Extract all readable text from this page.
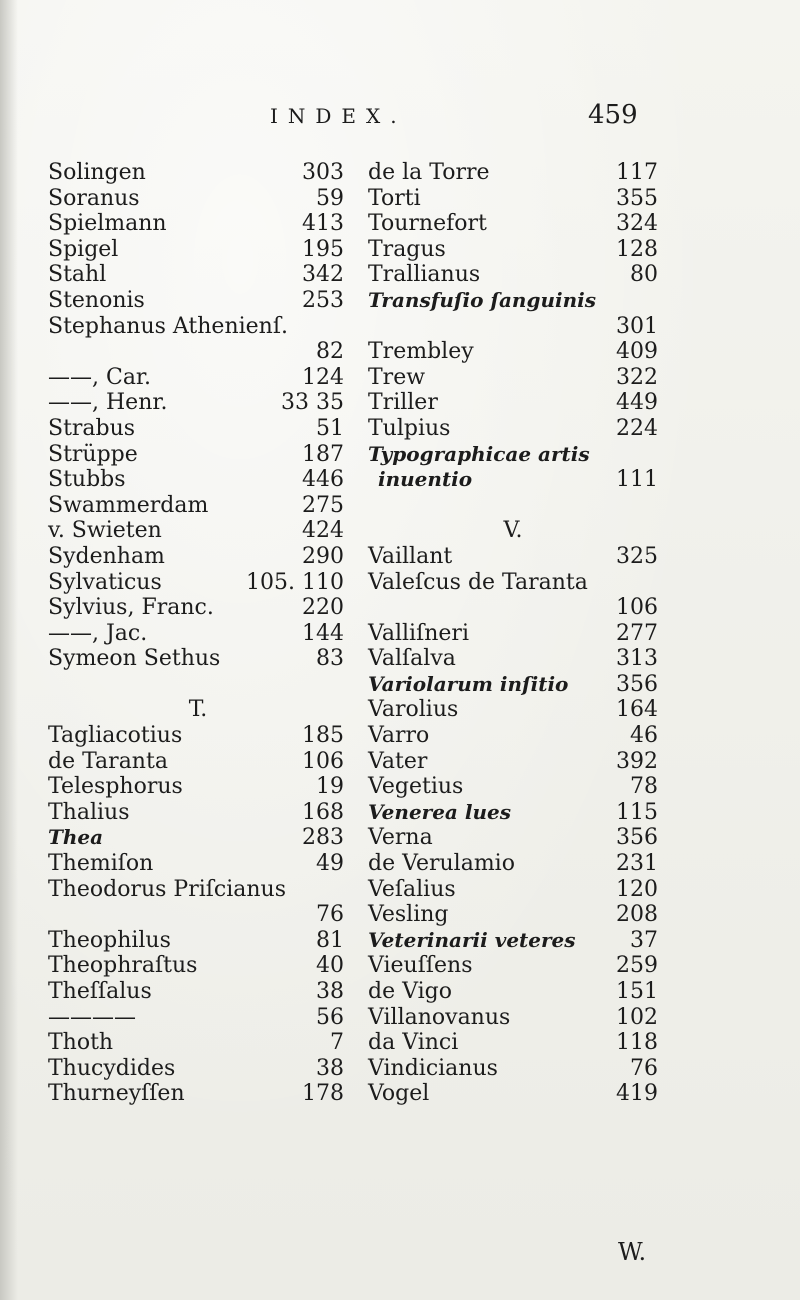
INDEX.	459
Solingen	303
Soranus	59
Spielmann	413
Spigel	195
Stahl	342
Stenonis	253
Stephanus Athenienſ.
82
——, Car.	124
——, Henr.	33 35
Strabus	51
Strüppe	187
Stubbs	446
Swammerdam	275
v. Swieten	424
Sydenham	290
Sylvaticus	105. 110
Sylvius, Franc.	220
——, Jac.	144
Symeon Sethus	83
T.
Tagliacotius	185
de Taranta	106
Telesphorus	19
Thalius	168
Thea	283
Themiſon	49
Theodorus Priſcianus
76
Theophilus	81
Theophraſtus	40
Theſſalus	38
————	56
Thoth	7
Thucydides	38
Thurneyſſen	178
de la Torre	117
Torti	355
Tournefort	324
Tragus	128
Trallianus	80
Transfuſio ſanguinis
301
Trembley	409
Trew	322
Triller	449
Tulpius	224
Typographicae artis
inuentio	111
V.
Vaillant	325
Valeſcus de Taranta
106
Valliſneri	277
Valſalva	313
Variolarum inſitio 356
Varolius	164
Varro	46
Vater	392
Vegetius	78
Venerea lues	115
Verna	356
de Verulamio	231
Veſalius	120
Vesling	208
Veterinarii veteres 37
Vieuſſens	259
de Vigo	151
Villanovanus	102
da Vinci	118
Vindicianus	76
Vogel	419
W.
